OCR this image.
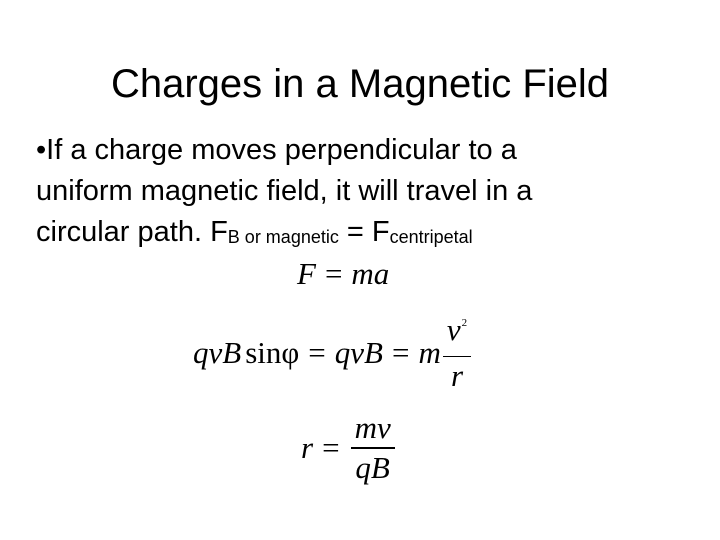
Charges in a Magnetic Field
•If a charge moves perpendicular to a
uniform magnetic field, it will travel in a
circular path. FB or magnetic = Fcentripetal
F = ma
qvB sinφ = qvB = m $\frac{v^2}{r}$
$r = \frac{mv}{qB}$
